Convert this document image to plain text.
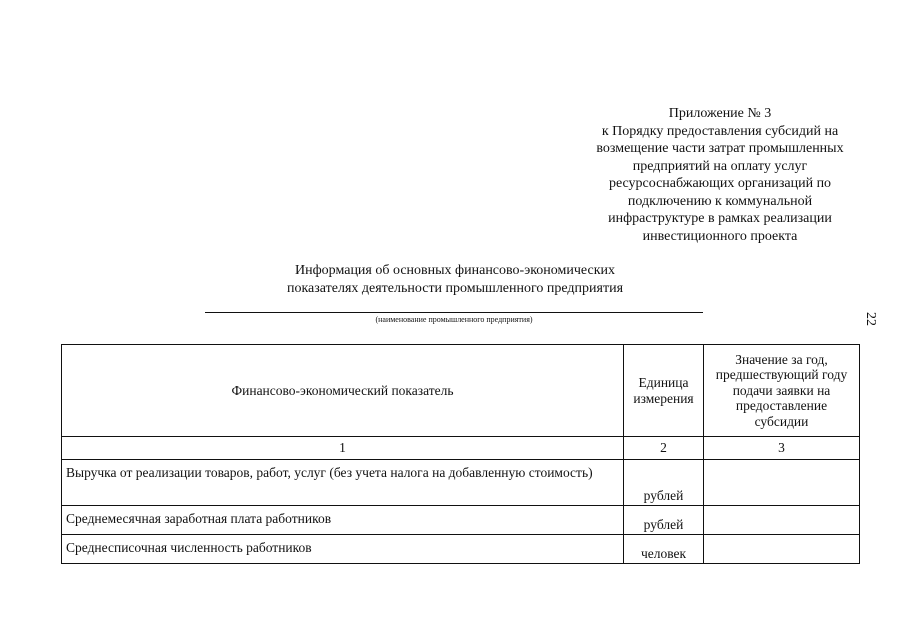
Приложение № 3
к Порядку предоставления субсидий на
возмещение части затрат промышленных
предприятий на оплату услуг
ресурсоснабжающих организаций по
подключению к коммунальной
инфраструктуре в рамках реализации
инвестиционного проекта
Информация об основных финансово-экономических
показателях деятельности промышленного предприятия
(наименование промышленного предприятия)	22
Финансово-экономический показатель	Единица измерения	Значение за год, предшествующий году подачи заявки на предоставление субсидии
1	2	3
Выручка от реализации товаров, работ, услуг (без учета налога на добавленную стоимость)	рублей	
Среднемесячная заработная плата работников	рублей	
Среднесписочная численность работников	человек	
